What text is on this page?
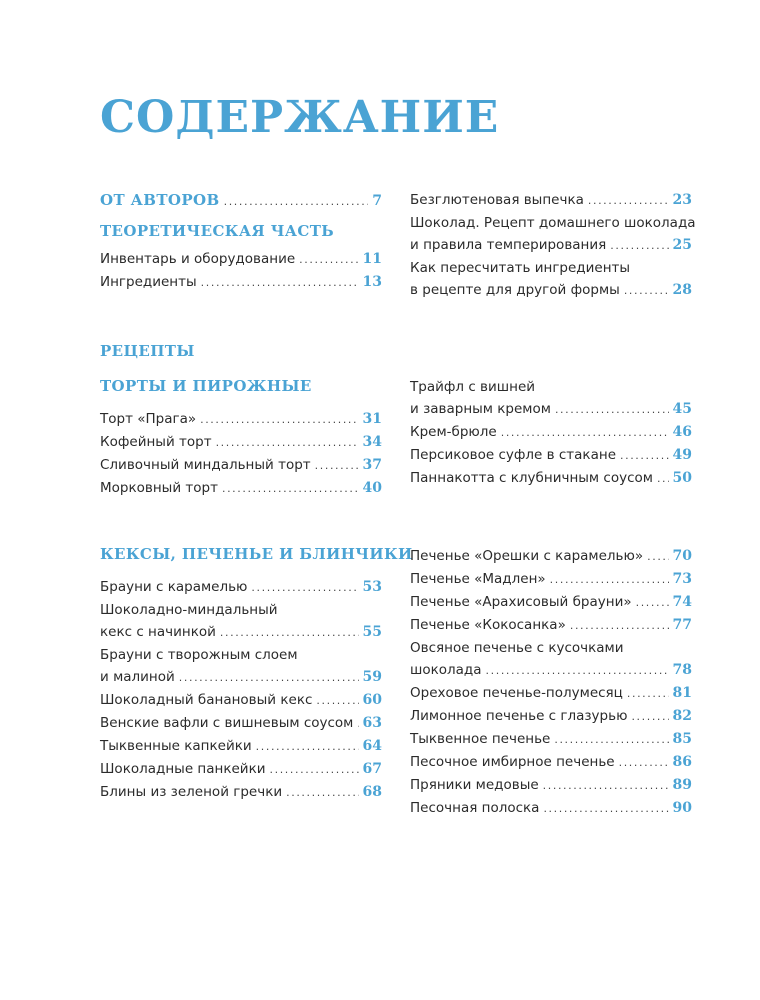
СОДЕРЖАНИЕ
ОТ АВТОРОВ .....	7
ТЕОРЕТИЧЕСКАЯ ЧАСТЬ
Инвентарь и оборудование .....	11
Ингредиенты .....	13
Безглютеновая выпечка .....	23
Шоколад. Рецепт домашнего шоколада
и правила темперирования .....	25
Как пересчитать ингредиенты
в рецепте для другой формы .....	28
РЕЦЕПТЫ
ТОРТЫ И ПИРОЖНЫЕ
Торт «Прага» .....	31
Кофейный торт .....	34
Сливочный миндальный торт .....	37
Морковный торт .....	40
Трайфл с вишней
и заварным кремом .....	45
Крем-брюле .....	46
Персиковое суфле в стакане .....	49
Паннакотта с клубничным соусом ..... 50
КЕКСЫ, ПЕЧЕНЬЕ И БЛИНЧИКИ
Брауни с карамелью .....	53
Шоколадно-миндальный
кекс с начинкой .....	55
Брауни с творожным слоем
и малиной .....	59
Шоколадный банановый кекс .....	60
Венские вафли с вишневым соусом ..... 63
Тыквенные капкейки .....	64
Шоколадные панкейки .....	67
Блины из зеленой гречки .....	68
Печенье «Орешки с карамелью» ..... 70
Печенье «Мадлен» .....	73
Печенье «Арахисовый брауни» .....	74
Печенье «Кокосанка» .....	77
Овсяное печенье с кусочками
шоколада .....	78
Ореховое печенье-полумесяц .....	81
Лимонное печенье с глазурью .....	82
Тыквенное печенье .....	85
Песочное имбирное печенье .....	86
Пряники медовые .....	89
Песочная полоска .....	90
